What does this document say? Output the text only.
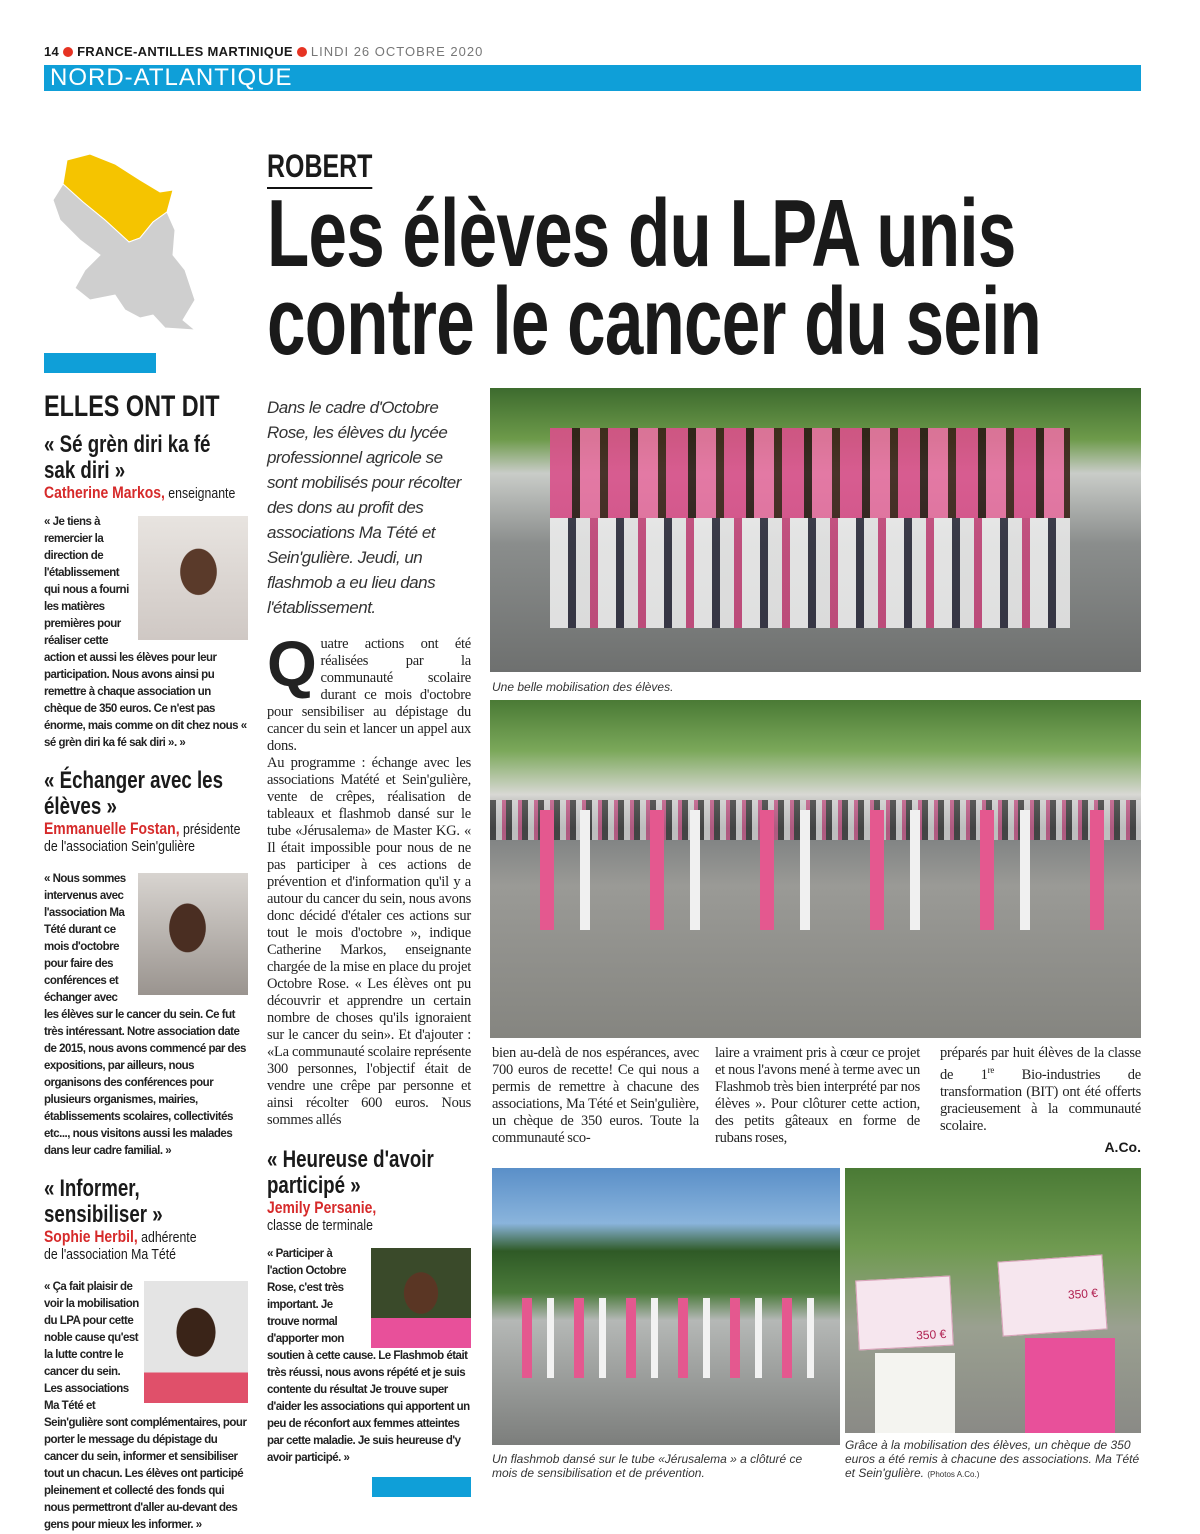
14 FRANCE-ANTILLES MARTINIQUE LINDI 26 OCTOBRE 2020
NORD-ATLANTIQUE
ROBERT
Les élèves du LPA unis
contre le cancer du sein
ELLES ONT DIT
« Sé grèn diri ka fé sak diri »
Catherine Markos, enseignante
« Je tiens à remercier la direction de l'établissement qui nous a fourni les matières premières pour réaliser cette action et aussi les élèves pour leur participation. Nous avons ainsi pu remettre à chaque association un chèque de 350 euros. Ce n'est pas énorme, mais comme on dit chez nous « sé grèn diri ka fé sak diri ». »
« Échanger avec les élèves »
Emmanuelle Fostan, présidente
de l'association Sein'gulière
« Nous sommes intervenus avec l'association Ma Tété durant ce mois d'octobre pour faire des conférences et échanger avec les élèves sur le cancer du sein. Ce fut très intéressant. Notre association date de 2015, nous avons commencé par des expositions, par ailleurs, nous organisons des conférences pour plusieurs organismes, mairies, établissements scolaires, collectivités etc..., nous visitons aussi les malades dans leur cadre familial. »
« Informer, sensibiliser »
Sophie Herbil, adhérente
de l'association Ma Tété
« Ça fait plaisir de voir la mobilisation du LPA pour cette noble cause qu'est la lutte contre le cancer du sein. Les associations Ma Tété et Sein'gulière sont complémentaires, pour porter le message du dépistage du cancer du sein, informer et sensibiliser tout un chacun. Les élèves ont participé pleinement et collecté des fonds qui nous permettront d'aller au-devant des gens pour mieux les informer. »
Dans le cadre d'Octobre Rose, les élèves du lycée professionnel agricole se sont mobilisés pour récolter des dons au profit des associations Ma Tété et Sein'gulière. Jeudi, un flashmob a eu lieu dans l'établissement.
Quatre actions ont été réalisées par la communauté scolaire durant ce mois d'octobre pour sensibiliser au dépistage du cancer du sein et lancer un appel aux dons.

Au programme : échange avec les associations Matété et Sein'gulière, vente de crêpes, réalisation de tableaux et flashmob dansé sur le tube «Jérusalema» de Master KG. « Il était impossible pour nous de ne pas participer à ces actions de prévention et d'information qu'il y a autour du cancer du sein, nous avons donc décidé d'étaler ces actions sur tout le mois d'octobre », indique Catherine Markos, enseignante chargée de la mise en place du projet Octobre Rose. « Les élèves ont pu découvrir et apprendre un certain nombre de choses qu'ils ignoraient sur le cancer du sein». Et d'ajouter : «La communauté scolaire représente 300 personnes, l'objectif était de vendre une crêpe par personne et ainsi récolter 600 euros. Nous sommes allés

« Heureuse d'avoir participé »
Jemily Persanie,
classe de terminale
« Participer à l'action Octobre Rose, c'est très important. Je trouve normal d'apporter mon soutien à cette cause. Le Flashmob était très réussi, nous avons répété et je suis contente du résultat Je trouve super d'aider les associations qui apportent un peu de réconfort aux femmes atteintes par cette maladie. Je suis heureuse d'y avoir participé. »
bien au-delà de nos espérances, avec 700 euros de recette! Ce qui nous a permis de remettre à chacune des associations, Ma Tété et Sein'gulière, un chèque de 350 euros. Toute la communauté sco-
laire a vraiment pris à cœur ce projet et nous l'avons mené à terme avec un Flashmob très bien interprété par nos élèves ». Pour clôturer cette action, des petits gâteaux en forme de rubans roses,
préparés par huit élèves de la classe de 1re Bio-industries de transformation (BIT) ont été offerts gracieusement à la communauté scolaire.
A.Co.
Une belle mobilisation des élèves.
Un flashmob dansé sur le tube «Jérusalema » a clôturé ce mois de sensibilisation et de prévention.
350 €
350 €
Grâce à la mobilisation des élèves, un chèque de 350 euros a été remis à chacune des associations. Ma Tété et Sein'gulière. (Photos A.Co.)
